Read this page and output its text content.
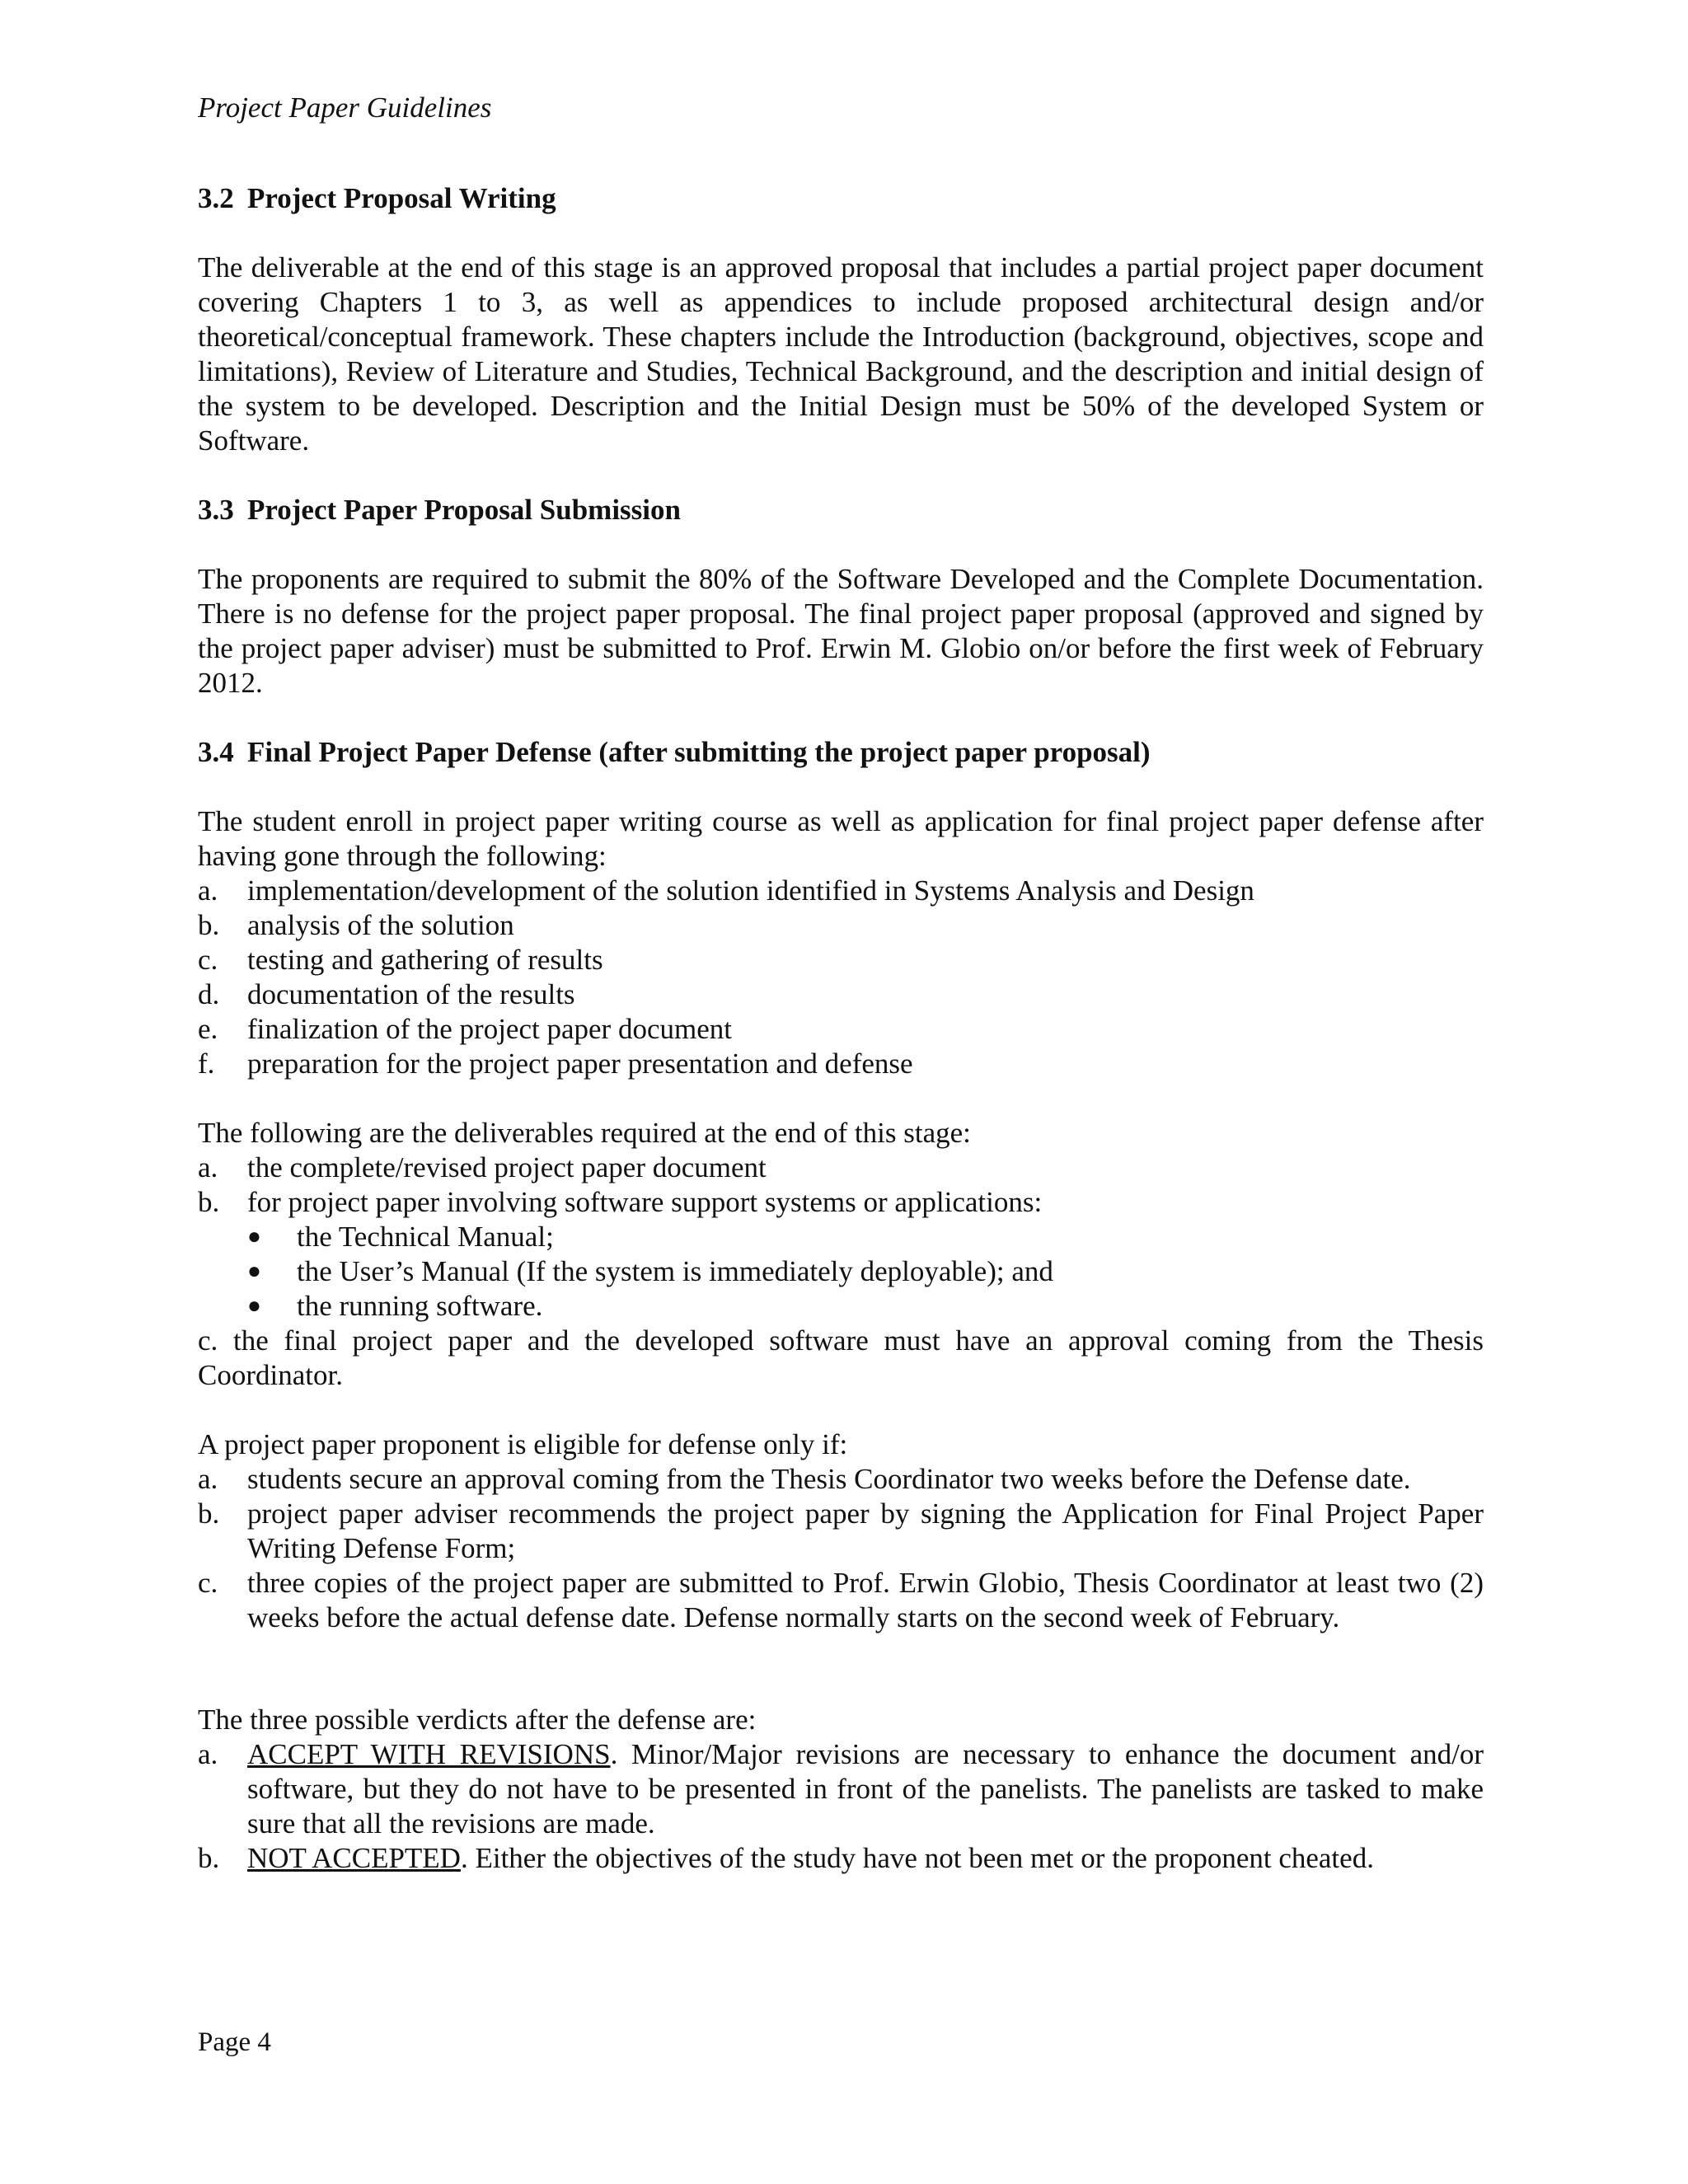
Project Paper Guidelines
3.2 Project Proposal Writing

The deliverable at the end of this stage is an approved proposal that includes a partial project paper document covering Chapters 1 to 3, as well as appendices to include proposed architectural design and/or theoretical/conceptual framework. These chapters include the Introduction (background, objectives, scope and limitations), Review of Literature and Studies, Technical Background, and the description and initial design of the system to be developed. Description and the Initial Design must be 50% of the developed System or Software.

3.3 Project Paper Proposal Submission

The proponents are required to submit the 80% of the Software Developed and the Complete Documentation. There is no defense for the project paper proposal. The final project paper proposal (approved and signed by the project paper adviser) must be submitted to Prof. Erwin M. Globio on/or before the first week of February 2012.

3.4 Final Project Paper Defense (after submitting the project paper proposal)

The student enroll in project paper writing course as well as application for final project paper defense after having gone through the following:

a. implementation/development of the solution identified in Systems Analysis and Design
b. analysis of the solution
c. testing and gathering of results
d. documentation of the results
e. finalization of the project paper document
f. preparation for the project paper presentation and defense

The following are the deliverables required at the end of this stage:

a. the complete/revised project paper document
b. for project paper involving software support systems or applications:
● the Technical Manual;
● the User’s Manual (If the system is immediately deployable); and
● the running software.
c. the final project paper and the developed software must have an approval coming from the Thesis Coordinator.

A project paper proponent is eligible for defense only if:

a. students secure an approval coming from the Thesis Coordinator two weeks before the Defense date.
b. project paper adviser recommends the project paper by signing the Application for Final Project Paper Writing Defense Form;
c. three copies of the project paper are submitted to Prof. Erwin Globio, Thesis Coordinator at least two (2) weeks before the actual defense date. Defense normally starts on the second week of February.

The three possible verdicts after the defense are:

a. ACCEPT WITH REVISIONS. Minor/Major revisions are necessary to enhance the document and/or software, but they do not have to be presented in front of the panelists. The panelists are tasked to make sure that all the revisions are made.
b. NOT ACCEPTED. Either the objectives of the study have not been met or the proponent cheated.
Page 4
